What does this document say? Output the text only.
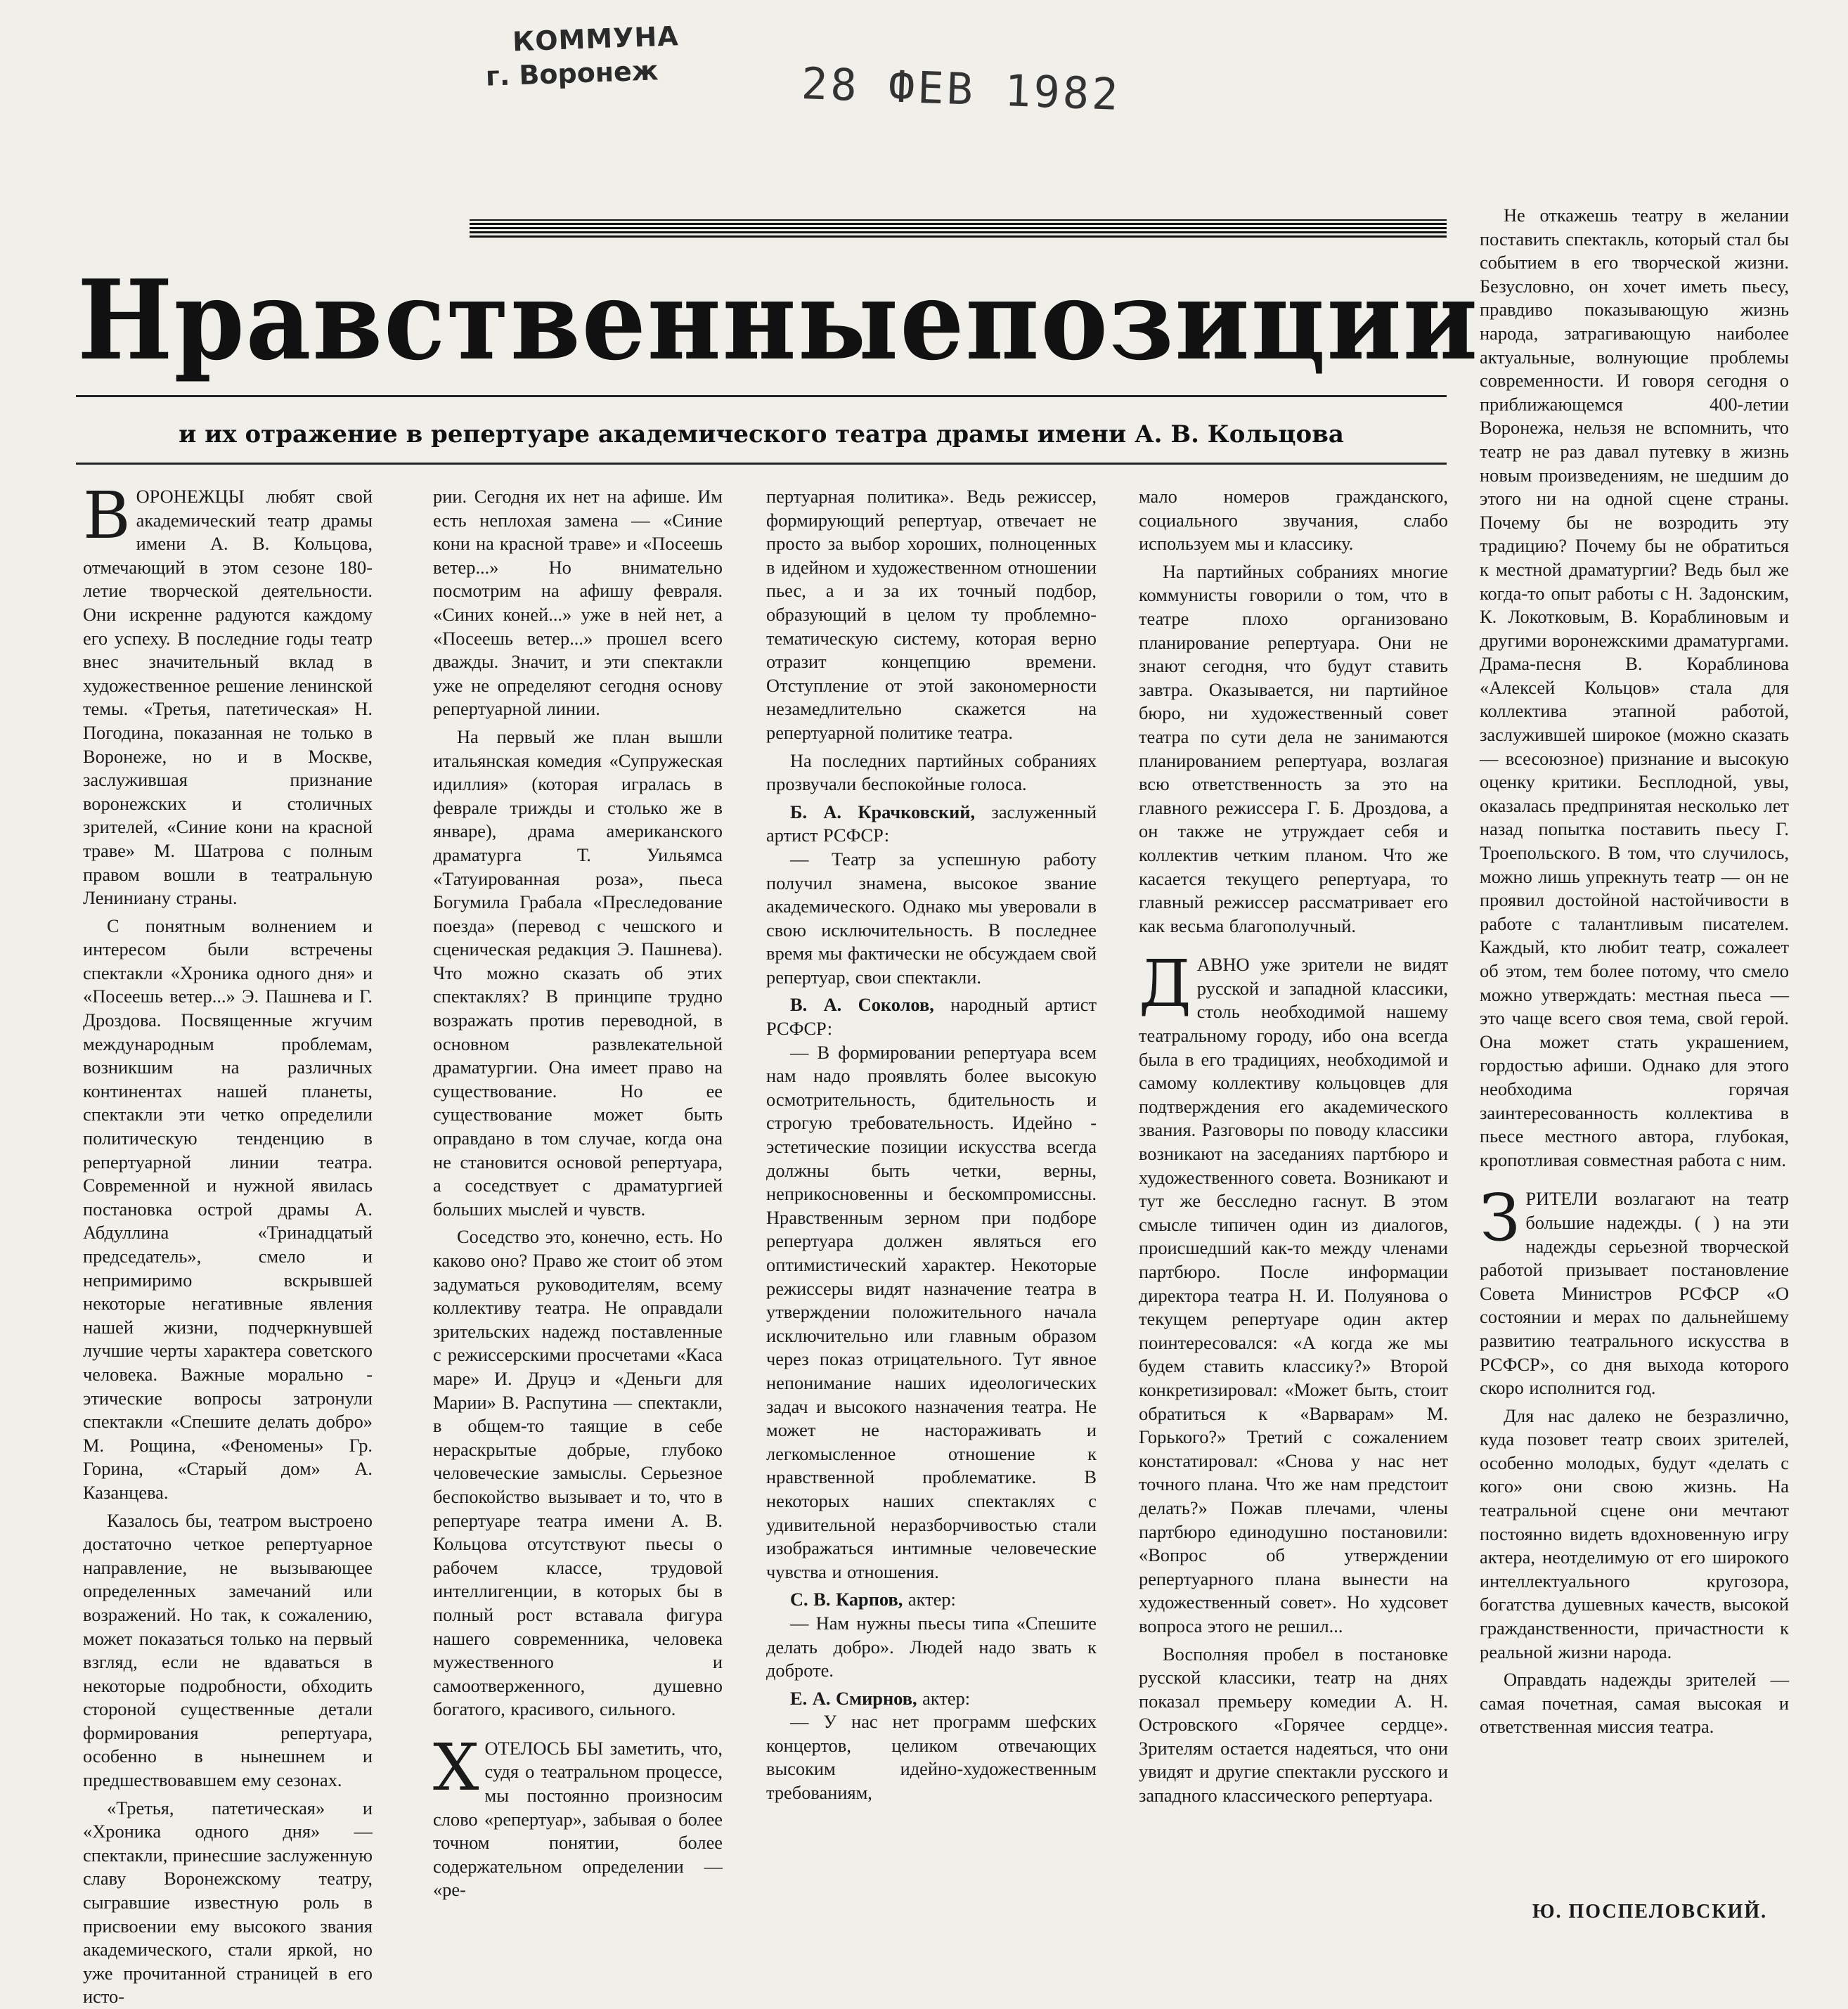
КОММУНА
г. Воронеж	28 ФЕВ 1982
Нравственные позиции
и их отражение в репертуаре академического театра драмы имени А. В. Кольцова

ВОРОНЕЖЦЫ любят свой академический театр драмы имени А. В. Кольцова, отмечающий в этом сезоне 180-летие творческой деятельности. Они искренне радуются каждому его успеху. В последние годы театр внес значительный вклад в художественное решение ленинской темы. «Третья, патетическая» Н. Погодина, показанная не только в Воронеже, но и в Москве, заслужившая признание воронежских и столичных зрителей, «Синие кони на красной траве» М. Шатрова с полным правом вошли в театральную Лениниану страны.

С понятным волнением и интересом были встречены спектакли «Хроника одного дня» и «Посеешь ветер...» Э. Пашнева и Г. Дроздова. Посвященные жгучим международным проблемам, возникшим на различных континентах нашей планеты, спектакли эти четко определили политическую тенденцию в репертуарной линии театра. Современной и нужной явилась постановка острой драмы А. Абдуллина «Тринадцатый председатель», смело и непримиримо вскрывшей некоторые негативные явления нашей жизни, подчеркнувшей лучшие черты характера советского человека. Важные морально - этические вопросы затронули спектакли «Спешите делать добро» М. Рощина, «Феномены» Гр. Горина, «Старый дом» А. Казанцева.

Казалось бы, театром выстроено достаточно четкое репертуарное направление, не вызывающее определенных замечаний или возражений. Но так, к сожалению, может показаться только на первый взгляд, если не вдаваться в некоторые подробности, обходить стороной существенные детали формирования репертуара, особенно в нынешнем и предшествовавшем ему сезонах.

«Третья, патетическая» и «Хроника одного дня» — спектакли, принесшие заслуженную славу Воронежскому театру, сыгравшие известную роль в присвоении ему высокого звания академического, стали яркой, но уже прочитанной страницей в его исто-

рии. Сегодня их нет на афише. Им есть неплохая замена — «Синие кони на красной траве» и «Посеешь ветер...» Но внимательно посмотрим на афишу февраля. «Синих коней...» уже в ней нет, а «Посеешь ветер...» прошел всего дважды. Значит, и эти спектакли уже не определяют сегодня основу репертуарной линии.

На первый же план вышли итальянская комедия «Супружеская идиллия» (которая игралась в феврале трижды и столько же в январе), драма американского драматурга Т. Уильямса «Татуированная роза», пьеса Богумила Грабала «Преследование поезда» (перевод с чешского и сценическая редакция Э. Пашнева). Что можно сказать об этих спектаклях? В принципе трудно возражать против переводной, в основном развлекательной драматургии. Она имеет право на существование. Но ее существование может быть оправдано в том случае, когда она не становится основой репертуара, а соседствует с драматургией больших мыслей и чувств.

Соседство это, конечно, есть. Но каково оно? Право же стоит об этом задуматься руководителям, всему коллективу театра. Не оправдали зрительских надежд поставленные с режиссерскими просчетами «Каса маре» И. Друцэ и «Деньги для Марии» В. Распутина — спектакли, в общем-то таящие в себе нераскрытые добрые, глубоко человеческие замыслы. Серьезное беспокойство вызывает и то, что в репертуаре театра имени А. В. Кольцова отсутствуют пьесы о рабочем классе, трудовой интеллигенции, в которых бы в полный рост вставала фигура нашего современника, человека мужественного и самоотверженного, душевно богатого, красивого, сильного.

ХОТЕЛОСЬ БЫ заметить, что, судя о театральном процессе, мы постоянно произносим слово «репертуар», забывая о более точном понятии, более содержательном определении — «ре-

пертуарная политика». Ведь режиссер, формирующий репертуар, отвечает не просто за выбор хороших, полноценных в идейном и художественном отношении пьес, а и за их точный подбор, образующий в целом ту проблемно-тематическую систему, которая верно отразит концепцию времени. Отступление от этой закономерности незамедлительно скажется на репертуарной политике театра.

На последних партийных собраниях прозвучали беспокойные голоса.

Б. А. Крачковский, заслуженный артист РСФСР:

— Театр за успешную работу получил знамена, высокое звание академического. Однако мы уверовали в свою исключительность. В последнее время мы фактически не обсуждаем свой репертуар, свои спектакли.

В. А. Соколов, народный артист РСФСР:

— В формировании репертуара всем нам надо проявлять более высокую осмотрительность, бдительность и строгую требовательность. Идейно - эстетические позиции искусства всегда должны быть четки, верны, неприкосновенны и бескомпромиссны. Нравственным зерном при подборе репертуара должен являться его оптимистический характер. Некоторые режиссеры видят назначение театра в утверждении положительного начала исключительно или главным образом через показ отрицательного. Тут явное непонимание наших идеологических задач и высокого назначения театра. Не может не настораживать и легкомысленное отношение к нравственной проблематике. В некоторых наших спектаклях с удивительной неразборчивостью стали изображаться интимные человеческие чувства и отношения.

С. В. Карпов, актер:

— Нам нужны пьесы типа «Спешите делать добро». Людей надо звать к доброте.

Е. А. Смирнов, актер:

— У нас нет программ шефских концертов, целиком отвечающих высоким идейно-художественным требованиям,

мало номеров гражданского, социального звучания, слабо используем мы и классику.

На партийных собраниях многие коммунисты говорили о том, что в театре плохо организовано планирование репертуара. Они не знают сегодня, что будут ставить завтра. Оказывается, ни партийное бюро, ни художественный совет театра по сути дела не занимаются планированием репертуара, возлагая всю ответственность за это на главного режиссера Г. Б. Дроздова, а он также не утруждает себя и коллектив четким планом. Что же касается текущего репертуара, то главный режиссер рассматривает его как весьма благополучный.

ДАВНО уже зрители не видят русской и западной классики, столь необходимой нашему театральному городу, ибо она всегда была в его традициях, необходимой и самому коллективу кольцовцев для подтверждения его академического звания. Разговоры по поводу классики возникают на заседаниях партбюро и художественного совета. Возникают и тут же бесследно гаснут. В этом смысле типичен один из диалогов, происшедший как-то между членами партбюро. После информации директора театра Н. И. Полуянова о текущем репертуаре один актер поинтересовался: «А когда же мы будем ставить классику?» Второй конкретизировал: «Может быть, стоит обратиться к «Варварам» М. Горького?» Третий с сожалением констатировал: «Снова у нас нет точного плана. Что же нам предстоит делать?» Пожав плечами, члены партбюро единодушно постановили: «Вопрос об утверждении репертуарного плана вынести на художественный совет». Но худсовет вопроса этого не решил...

Восполняя пробел в постановке русской классики, театр на днях показал премьеру комедии А. Н. Островского «Горячее сердце». Зрителям остается надеяться, что они увидят и другие спектакли русского и западного классического репертуара.

Не откажешь театру в желании поставить спектакль, который стал бы событием в его творческой жизни. Безусловно, он хочет иметь пьесу, правдиво показывающую жизнь народа, затрагивающую наиболее актуальные, волнующие проблемы современности. И говоря сегодня о приближающемся 400-летии Воронежа, нельзя не вспомнить, что театр не раз давал путевку в жизнь новым произведениям, не шедшим до этого ни на одной сцене страны. Почему бы не возродить эту традицию? Почему бы не обратиться к местной драматургии? Ведь был же когда-то опыт работы с Н. Задонским, К. Локотковым, В. Кораблиновым и другими воронежскими драматургами. Драма-песня В. Кораблинова «Алексей Кольцов» стала для коллектива этапной работой, заслужившей широкое (можно сказать — всесоюзное) признание и высокую оценку критики. Бесплодной, увы, оказалась предпринятая несколько лет назад попытка поставить пьесу Г. Троепольского. В том, что случилось, можно лишь упрекнуть театр — он не проявил достойной настойчивости в работе с талантливым писателем. Каждый, кто любит театр, сожалеет об этом, тем более потому, что смело можно утверждать: местная пьеса — это чаще всего своя тема, свой герой. Она может стать украшением, гордостью афиши. Однако для этого необходима горячая заинтересованность коллектива в пьесе местного автора, глубокая, кропотливая совместная работа с ним.

ЗРИТЕЛИ возлагают на театр большие надежды. ( ) на эти надежды серьезной творческой работой призывает постановление Совета Министров РСФСР «О состоянии и мерах по дальнейшему развитию театрального искусства в РСФСР», со дня выхода которого скоро исполнится год.

Для нас далеко не безразлично, куда позовет театр своих зрителей, особенно молодых, будут «делать с кого» они свою жизнь. На театральной сцене они мечтают постоянно видеть вдохновенную игру актера, неотделимую от его широкого интеллектуального кругозора, богатства душевных качеств, высокой гражданственности, причастности к реальной жизни народа.

Оправдать надежды зрителей — самая почетная, самая высокая и ответственная миссия театра.

Ю. ПОСПЕЛОВСКИЙ.
